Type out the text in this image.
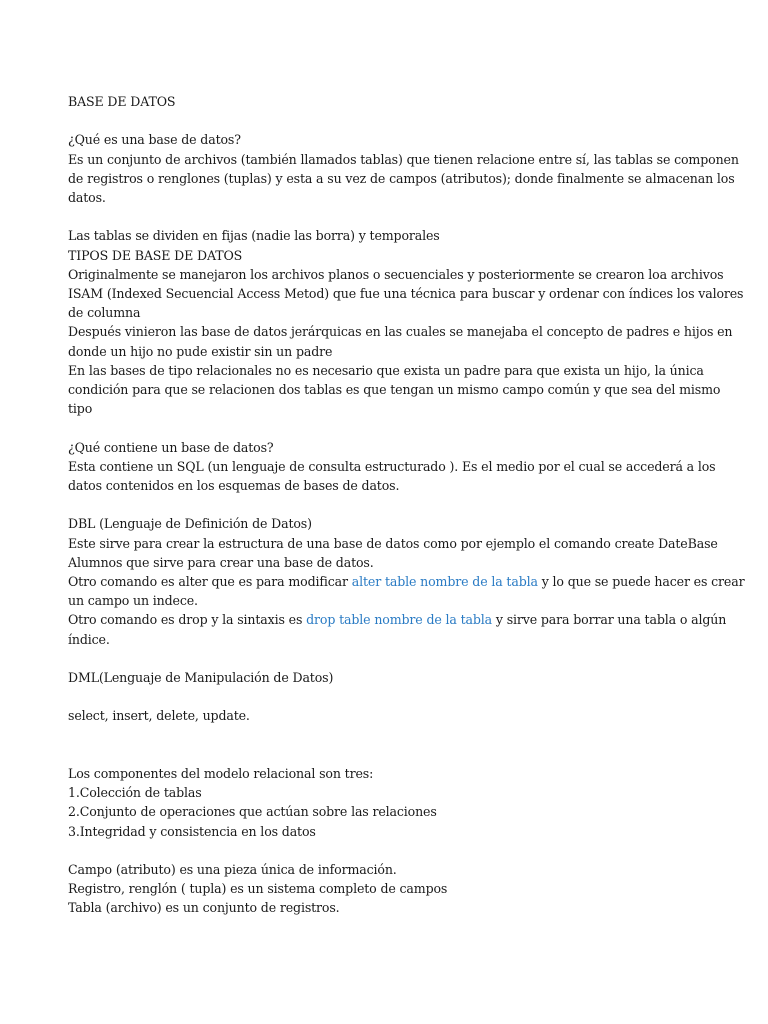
BASE DE DATOS
¿Qué es una base de datos?
Es un conjunto de archivos (también llamados tablas) que tienen relacione entre sí, las tablas se componen
de registros o renglones (tuplas) y esta a su vez de campos (atributos); donde finalmente se almacenan los
datos.
Las tablas se dividen en fijas (nadie las borra) y temporales
TIPOS DE BASE DE DATOS
Originalmente se manejaron los archivos planos o secuenciales y posteriormente se crearon loa archivos
ISAM (Indexed Secuencial Access Metod) que fue una técnica para buscar y ordenar con índices los valores
de columna
Después vinieron las base de datos jerárquicas en las cuales se manejaba el concepto de padres e hijos en
donde un hijo no pude existir sin un padre
En las bases de tipo relacionales no es necesario que exista un padre para que exista un hijo, la única
condición para que se relacionen dos tablas es que tengan un mismo campo común y que sea del mismo
tipo
¿Qué contiene un base de datos?
Esta contiene un SQL (un lenguaje de consulta estructurado ). Es el medio por el cual se accederá a los
datos contenidos en los esquemas de bases de datos.
DBL (Lenguaje de Definición de Datos)
Este sirve para crear la estructura de una base de datos como por ejemplo el comando create DateBase
Alumnos que sirve para crear una base de datos.
Otro comando es alter que es para modificar alter table nombre de la tabla y lo que se puede hacer es crear
un campo un indece.
Otro comando es drop y la sintaxis es drop table nombre de la tabla y sirve para borrar una tabla o algún
índice.
DML(Lenguaje de Manipulación de Datos)
select, insert, delete, update.
Los componentes del modelo relacional son tres:
1.Colección de tablas
2.Conjunto de operaciones que actúan sobre las relaciones
3.Integridad y consistencia en los datos
Campo (atributo) es una pieza única de información.
Registro, renglón ( tupla) es un sistema completo de campos
Tabla (archivo) es un conjunto de registros.
